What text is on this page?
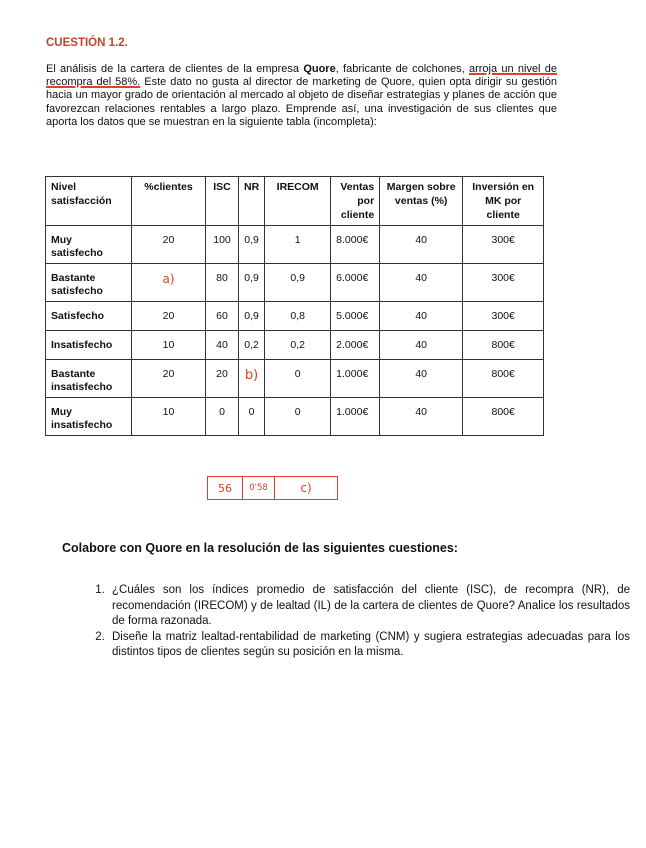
CUESTIÓN 1.2.

El análisis de la cartera de clientes de la empresa Quore, fabricante de colchones, arroja un nivel de recompra del 58%. Este dato no gusta al director de marketing de Quore, quien opta dirigir su gestión hacia un mayor grado de orientación al mercado al objeto de diseñar estrategias y planes de acción que favorezcan relaciones rentables a largo plazo. Emprende así, una investigación de sus clientes que aporta los datos que se muestran en la siguiente tabla (incompleta):

Nivel satisfacción	%clientes	ISC	NR	IRECOM	Ventas por cliente	Margen sobre ventas (%)	Inversión en MK por cliente
Muy satisfecho	20	100	0,9	1	8.000€	40	300€
Bastante satisfecho	a)	80	0,9	0,9	6.000€	40	300€
Satisfecho	20	60	0,9	0,8	5.000€	40	300€
Insatisfecho	10	40	0,2	0,2	2.000€	40	800€
Bastante insatisfecho	20	20	b)	0	1.000€	40	800€
Muy insatisfecho	10	0	0	0	1.000€	40	800€
56	0'58	c)
Colabore con Quore en la resolución de las siguientes cuestiones:
1. ¿Cuáles son los índices promedio de satisfacción del cliente (ISC), de recompra (NR), de recomendación (IRECOM) y de lealtad (IL) de la cartera de clientes de Quore? Analice los resultados de forma razonada.
2. Diseñe la matriz lealtad-rentabilidad de marketing (CNM) y sugiera estrategias adecuadas para los distintos tipos de clientes según su posición en la misma.
